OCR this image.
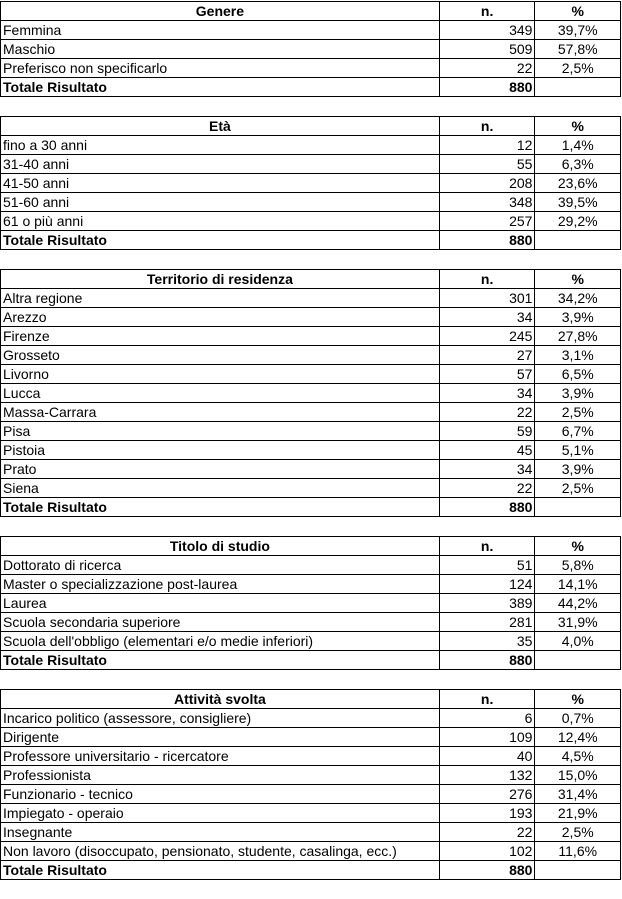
Genere	n.	%
Femmina	349	39,7%
Maschio	509	57,8%
Preferisco non specificarlo	22	2,5%
Totale Risultato	880	
Età	n.	%
fino a 30 anni	12	1,4%
31-40 anni	55	6,3%
41-50 anni	208	23,6%
51-60 anni	348	39,5%
61 o più anni	257	29,2%
Totale Risultato	880	
Territorio di residenza	n.	%
Altra regione	301	34,2%
Arezzo	34	3,9%
Firenze	245	27,8%
Grosseto	27	3,1%
Livorno	57	6,5%
Lucca	34	3,9%
Massa-Carrara	22	2,5%
Pisa	59	6,7%
Pistoia	45	5,1%
Prato	34	3,9%
Siena	22	2,5%
Totale Risultato	880	
Titolo di studio	n.	%
Dottorato di ricerca	51	5,8%
Master o specializzazione post-laurea	124	14,1%
Laurea	389	44,2%
Scuola secondaria superiore	281	31,9%
Scuola dell'obbligo (elementari e/o medie inferiori)	35	4,0%
Totale Risultato	880	
Attività svolta	n.	%
Incarico politico (assessore, consigliere)	6	0,7%
Dirigente	109	12,4%
Professore universitario - ricercatore	40	4,5%
Professionista	132	15,0%
Funzionario - tecnico	276	31,4%
Impiegato - operaio	193	21,9%
Insegnante	22	2,5%
Non lavoro (disoccupato, pensionato, studente, casalinga, ecc.)	102	11,6%
Totale Risultato	880	
